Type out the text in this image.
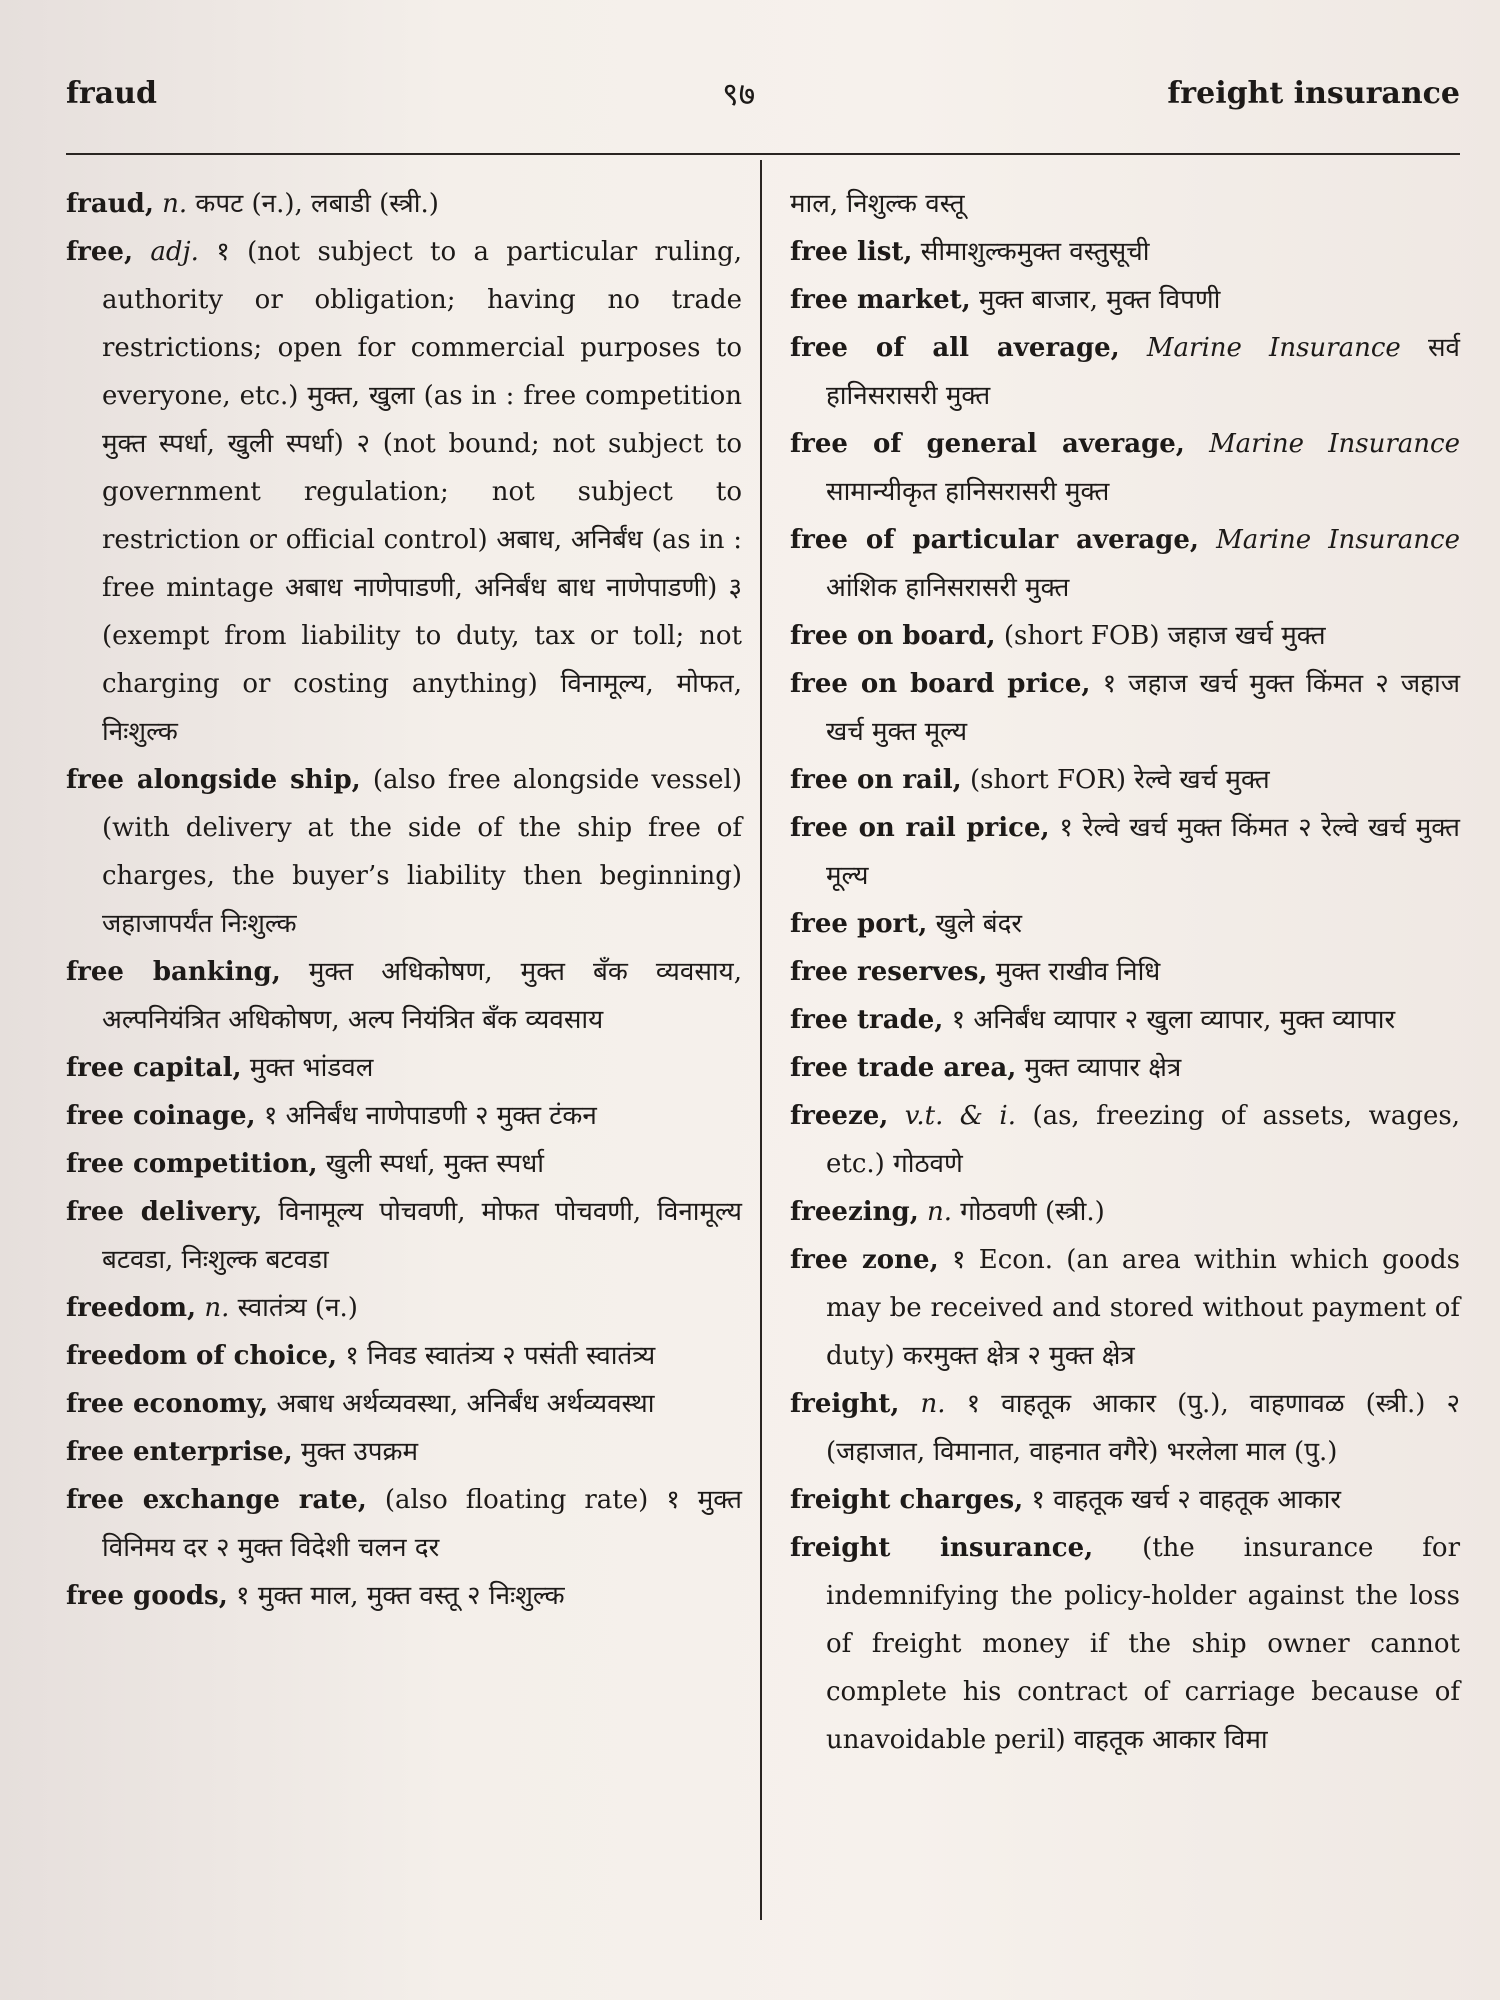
fraud	९७	freight insurance

fraud, n. कपट (न.), लबाडी (स्त्री.)

free, adj. १ (not subject to a particular ruling, authority or obligation; having no trade restrictions; open for commercial purposes to everyone, etc.) मुक्त, खुला (as in : free competition मुक्त स्पर्धा, खुली स्पर्धा) २ (not bound; not subject to government regulation; not subject to restriction or official control) अबाध, अनिर्बंध (as in : free mintage अबाध नाणेपाडणी, अनिर्बंध बाध नाणेपाडणी) ३ (exempt from liability to duty, tax or toll; not charging or costing anything) विनामूल्य, मोफत, निःशुल्क

free alongside ship, (also free alongside vessel) (with delivery at the side of the ship free of charges, the buyer’s liability then beginning) जहाजापर्यंत निःशुल्क

free banking, मुक्त अधिकोषण, मुक्त बँक व्यवसाय, अल्पनियंत्रित अधिकोषण, अल्प नियंत्रित बँक व्यवसाय

free capital, मुक्त भांडवल

free coinage, १ अनिर्बंध नाणेपाडणी २ मुक्त टंकन

free competition, खुली स्पर्धा, मुक्त स्पर्धा

free delivery, विनामूल्य पोचवणी, मोफत पोचवणी, विनामूल्य बटवडा, निःशुल्क बटवडा

freedom, n. स्वातंत्र्य (न.)

freedom of choice, १ निवड स्वातंत्र्य २ पसंती स्वातंत्र्य

free economy, अबाध अर्थव्यवस्था, अनिर्बंध अर्थव्यवस्था

free enterprise, मुक्त उपक्रम

free exchange rate, (also floating rate) १ मुक्त विनिमय दर २ मुक्त विदेशी चलन दर

free goods, १ मुक्त माल, मुक्त वस्तू २ निःशुल्क

माल, निशुल्क वस्तू

free list, सीमाशुल्कमुक्त वस्तुसूची

free market, मुक्त बाजार, मुक्त विपणी

free of all average, Marine Insurance सर्व हानिसरासरी मुक्त

free of general average, Marine Insurance सामान्यीकृत हानिसरासरी मुक्त

free of particular average, Marine Insurance आंशिक हानिसरासरी मुक्त

free on board, (short FOB) जहाज खर्च मुक्त

free on board price, १ जहाज खर्च मुक्त किंमत २ जहाज खर्च मुक्त मूल्य

free on rail, (short FOR) रेल्वे खर्च मुक्त

free on rail price, १ रेल्वे खर्च मुक्त किंमत २ रेल्वे खर्च मुक्त मूल्य

free port, खुले बंदर

free reserves, मुक्त राखीव निधि

free trade, १ अनिर्बंध व्यापार २ खुला व्यापार, मुक्त व्यापार

free trade area, मुक्त व्यापार क्षेत्र

freeze, v.t. & i. (as, freezing of assets, wages, etc.) गोठवणे

freezing, n. गोठवणी (स्त्री.)

free zone, १ Econ. (an area within which goods may be received and stored without payment of duty) करमुक्त क्षेत्र २ मुक्त क्षेत्र

freight, n. १ वाहतूक आकार (पु.), वाहणावळ (स्त्री.) २ (जहाजात, विमानात, वाहनात वगैरे) भरलेला माल (पु.)

freight charges, १ वाहतूक खर्च २ वाहतूक आकार

freight insurance, (the insurance for indemnifying the policy-holder against the loss of freight money if the ship owner cannot complete his contract of carriage because of unavoidable peril) वाहतूक आकार विमा
